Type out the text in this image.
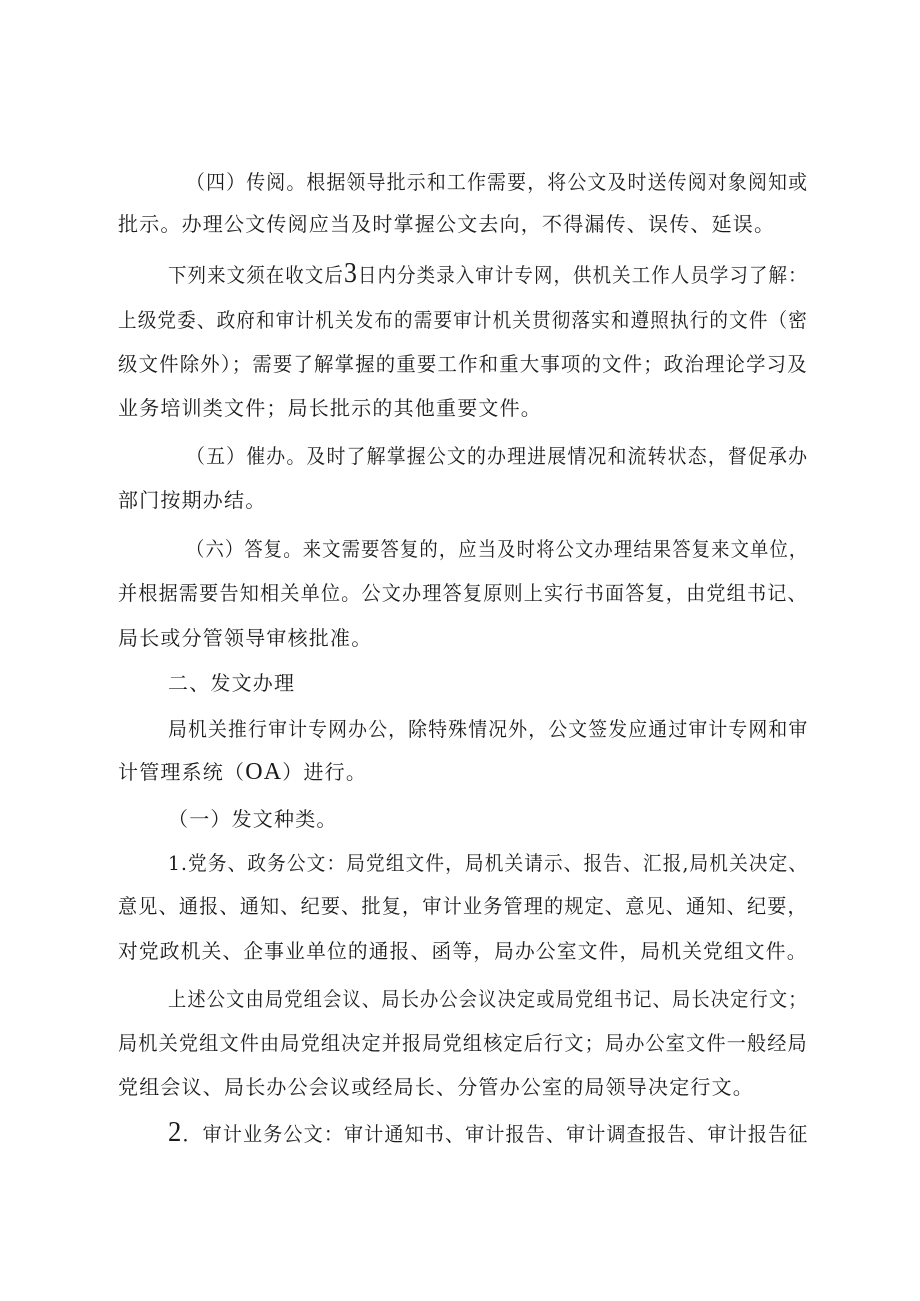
（四）传阅。根据领导批示和工作需要，将公文及时送传阅对象阅知或
批示。办理公文传阅应当及时掌握公文去向，不得漏传、误传、延误。
下列来文须在收文后3日内分类录入审计专网，供机关工作人员学习了解：
上级党委、政府和审计机关发布的需要审计机关贯彻落实和遵照执行的文件（密
级文件除外）；需要了解掌握的重要工作和重大事项的文件；政治理论学习及
业务培训类文件；局长批示的其他重要文件。
（五）催办。及时了解掌握公文的办理进展情况和流转状态，督促承办
部门按期办结。
（六）答复。来文需要答复的，应当及时将公文办理结果答复来文单位，
并根据需要告知相关单位。公文办理答复原则上实行书面答复，由党组书记、
局长或分管领导审核批准。
二、发文办理
局机关推行审计专网办公，除特殊情况外，公文签发应通过审计专网和审
计管理系统（OA）进行。
（一）发文种类。
1.党务、政务公文：局党组文件，局机关请示、报告、汇报,局机关决定、
意见、通报、通知、纪要、批复，审计业务管理的规定、意见、通知、纪要，
对党政机关、企事业单位的通报、函等，局办公室文件，局机关党组文件。
上述公文由局党组会议、局长办公会议决定或局党组书记、局长决定行文；
局机关党组文件由局党组决定并报局党组核定后行文；局办公室文件一般经局
党组会议、局长办公会议或经局长、分管办公室的局领导决定行文。
2．审计业务公文：审计通知书、审计报告、审计调查报告、审计报告征
